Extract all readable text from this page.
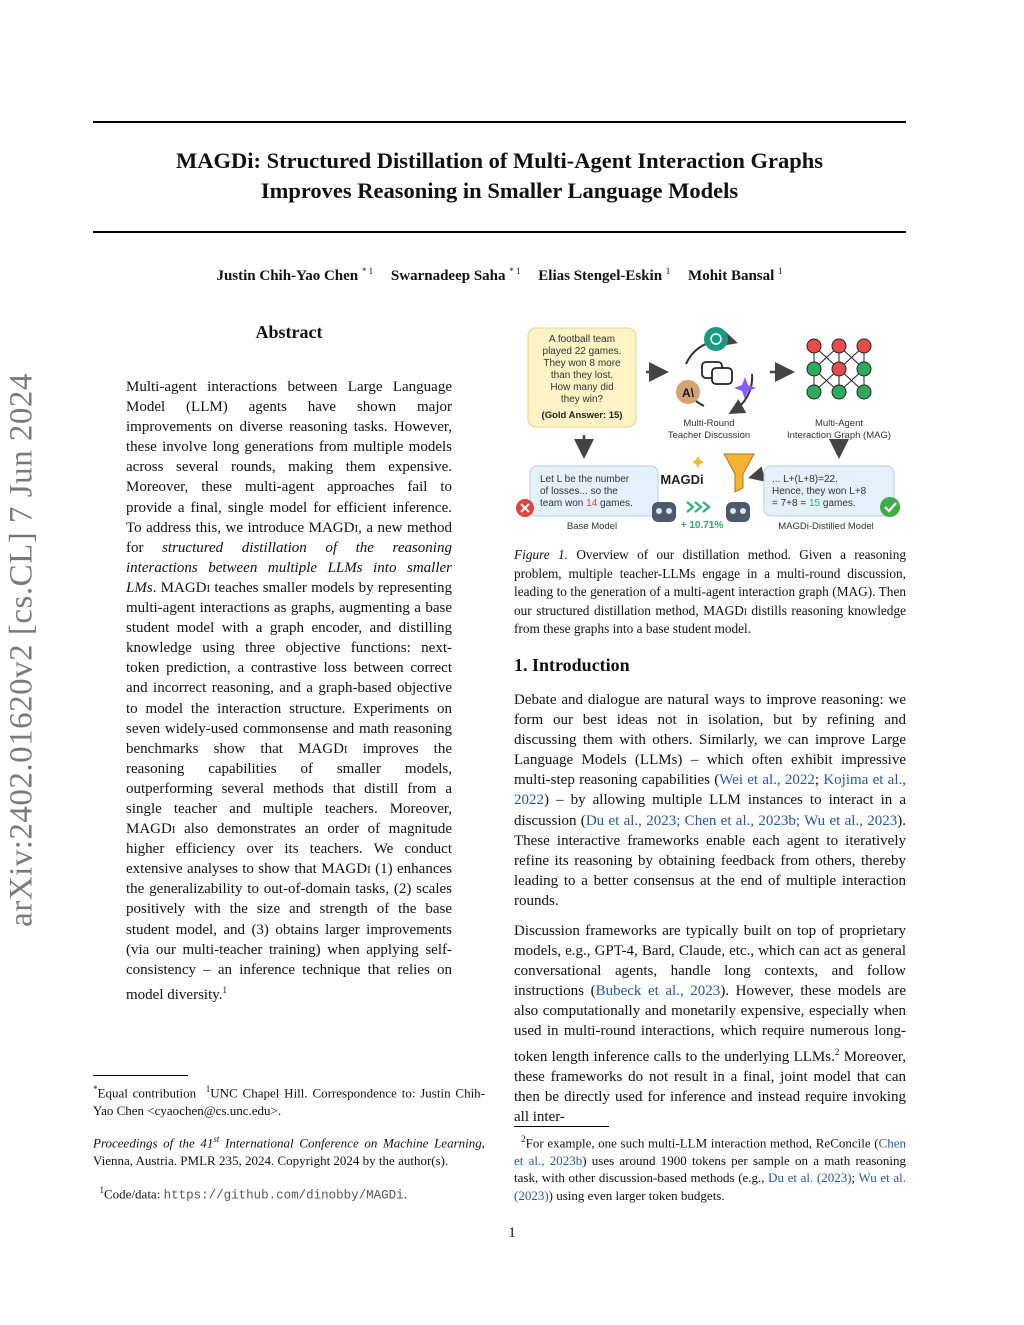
arXiv:2402.01620v2 [cs.CL] 7 Jun 2024
MAGDi: Structured Distillation of Multi-Agent Interaction Graphs
Improves Reasoning in Smaller Language Models
Justin Chih-Yao Chen $^{* 1}$ Swarnadeep Saha $^{* 1}$ Elias Stengel-Eskin $^1$ Mohit Bansal $^1$
Abstract
Multi-agent interactions between Large Language Model (LLM) agents have shown major improvements on diverse reasoning tasks. However, these involve long generations from multiple models across several rounds, making them expensive. Moreover, these multi-agent approaches fail to provide a final, single model for efficient inference. To address this, we introduce MAGDi, a new method for structured distillation of the reasoning interactions between multiple LLMs into smaller LMs. MAGDi teaches smaller models by representing multi-agent interactions as graphs, augmenting a base student model with a graph encoder, and distilling knowledge using three objective functions: next-token prediction, a contrastive loss between correct and incorrect reasoning, and a graph-based objective to model the interaction structure. Experiments on seven widely-used commonsense and math reasoning benchmarks show that MAGDi improves the reasoning capabilities of smaller models, outperforming several methods that distill from a single teacher and multiple teachers. Moreover, MAGDi also demonstrates an order of magnitude higher efficiency over its teachers. We conduct extensive analyses to show that MAGDi (1) enhances the generalizability to out-of-domain tasks, (2) scales positively with the size and strength of the base student model, and (3) obtains larger improvements (via our multi-teacher training) when applying self-consistency – an inference technique that relies on model diversity.$^1$
*Equal contribution $^1$UNC Chapel Hill. Correspondence to: Justin Chih-Yao Chen <cyaochen@cs.unc.edu>.
Proceedings of the 41st International Conference on Machine Learning, Vienna, Austria. PMLR 235, 2024. Copyright 2024 by the author(s).
$^1$Code/data: https://github.com/dinobby/MAGDi.
A football team
played 22 games.
They won 8 more
than they lost.
How many did
they win?
(Gold Answer: 15)
A\
Multi-Round
Teacher Discussion
Multi-Agent
Interaction Graph (MAG)
Let L be the number
of losses... so the
team won 14 games.
Base Model
MAGDi
+ 10.71%
... L+(L+8)=22.
Hence, they won L+8
= 7+8 = 15 games.
MAGDi-Distilled Model
Figure 1. Overview of our distillation method. Given a reasoning problem, multiple teacher-LLMs engage in a multi-round discussion, leading to the generation of a multi-agent interaction graph (MAG). Then our structured distillation method, MAGDi distills reasoning knowledge from these graphs into a base student model.
1. Introduction
Debate and dialogue are natural ways to improve reasoning: we form our best ideas not in isolation, but by refining and discussing them with others. Similarly, we can improve Large Language Models (LLMs) – which often exhibit impressive multi-step reasoning capabilities (Wei et al., 2022; Kojima et al., 2022) – by allowing multiple LLM instances to interact in a discussion (Du et al., 2023; Chen et al., 2023b; Wu et al., 2023). These interactive frameworks enable each agent to iteratively refine its reasoning by obtaining feedback from others, thereby leading to a better consensus at the end of multiple interaction rounds.
Discussion frameworks are typically built on top of proprietary models, e.g., GPT-4, Bard, Claude, etc., which can act as general conversational agents, handle long contexts, and follow instructions (Bubeck et al., 2023). However, these models are also computationally and monetarily expensive, especially when used in multi-round interactions, which require numerous long-token length inference calls to the underlying LLMs.$^2$ Moreover, these frameworks do not result in a final, joint model that can then be directly used for inference and instead require invoking all inter-
$^2$For example, one such multi-LLM interaction method, ReConcile (Chen et al., 2023b) uses around 1900 tokens per sample on a math reasoning task, with other discussion-based methods (e.g., Du et al. (2023); Wu et al. (2023)) using even larger token budgets.
1
